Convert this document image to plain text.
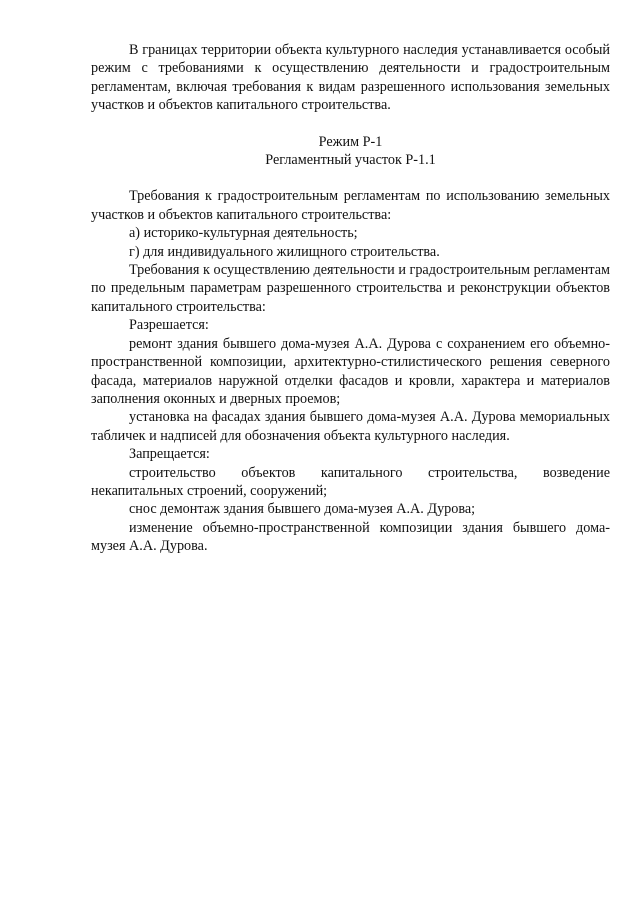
В границах территории объекта культурного наследия устанавливается особый режим с требованиями к осуществлению деятельности и градостроительным регламентам, включая требования к видам разрешенного использования земельных участков и объектов капитального строительства.

Режим Р-1
Регламентный участок Р-1.1

Требования к градостроительным регламентам по использованию земельных участков и объектов капитального строительства:

а) историко-культурная деятельность;

г) для индивидуального жилищного строительства.

Требования к осуществлению деятельности и градостроительным регламентам по предельным параметрам разрешенного строительства и реконструкции объектов капитального строительства:

Разрешается:

ремонт здания бывшего дома-музея А.А. Дурова с сохранением его объемно-пространственной композиции, архитектурно-стилистического решения северного фасада, материалов наружной отделки фасадов и кровли, характера и материалов заполнения оконных и дверных проемов;

установка на фасадах здания бывшего дома-музея А.А. Дурова мемориальных табличек и надписей для обозначения объекта культурного наследия.

Запрещается:

строительство объектов капитального строительства, возведение некапитальных строений, сооружений;

снос демонтаж здания бывшего дома-музея А.А. Дурова;

изменение объемно-пространственной композиции здания бывшего дома-музея А.А. Дурова.
